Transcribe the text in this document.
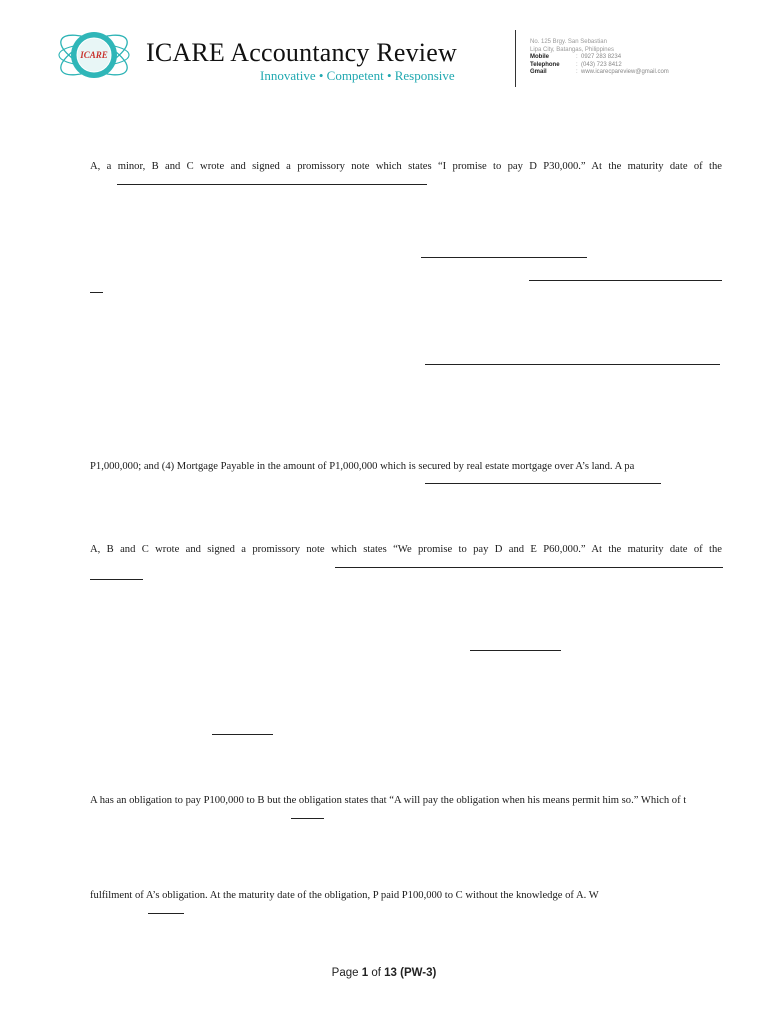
ICARE ICARE Accountancy Review
Innovative • Competent • Responsive
No. 125 Brgy. San Sebastian
Lipa City, Batangas, Philippines
Mobile	: 0927 283 8234
Telephone	: (043) 723 8412
Gmail	: www.icarecpareview@gmail.com
A, a minor, B and C wrote and signed a promissory note which states “I promise to pay D P30,000.” At the maturity date of the
P1,000,000; and (4) Mortgage Payable in the amount of P1,000,000 which is secured by real estate mortgage over A’s land. A pa
A, B and C wrote and signed a promissory note which states “We promise to pay D and E P60,000.” At the maturity date of the
A has an obligation to pay P100,000 to B but the obligation states that “A will pay the obligation when his means permit him so.” Which of t
fulfilment of A’s obligation. At the maturity date of the obligation, P paid P100,000 to C without the knowledge of A. W
Page 1 of 13 (PW-3)
